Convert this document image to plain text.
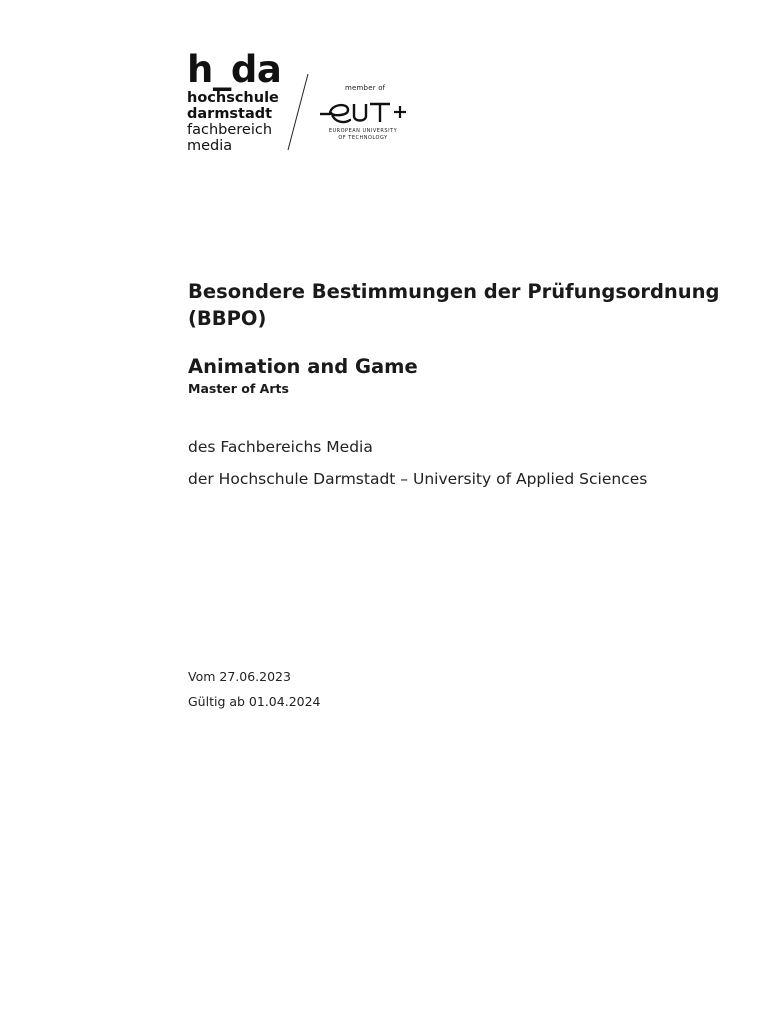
h_da

hochschule

darmstadt

fachbereich

media

member of
EUROPEAN UNIVERSITY
OF TECHNOLOGY
Besondere Bestimmungen der Prüfungsordnung (BBPO)
Animation and Game

Master of Arts

des Fachbereichs Media

der Hochschule Darmstadt – University of Applied Sciences

Vom 27.06.2023

Gültig ab 01.04.2024
